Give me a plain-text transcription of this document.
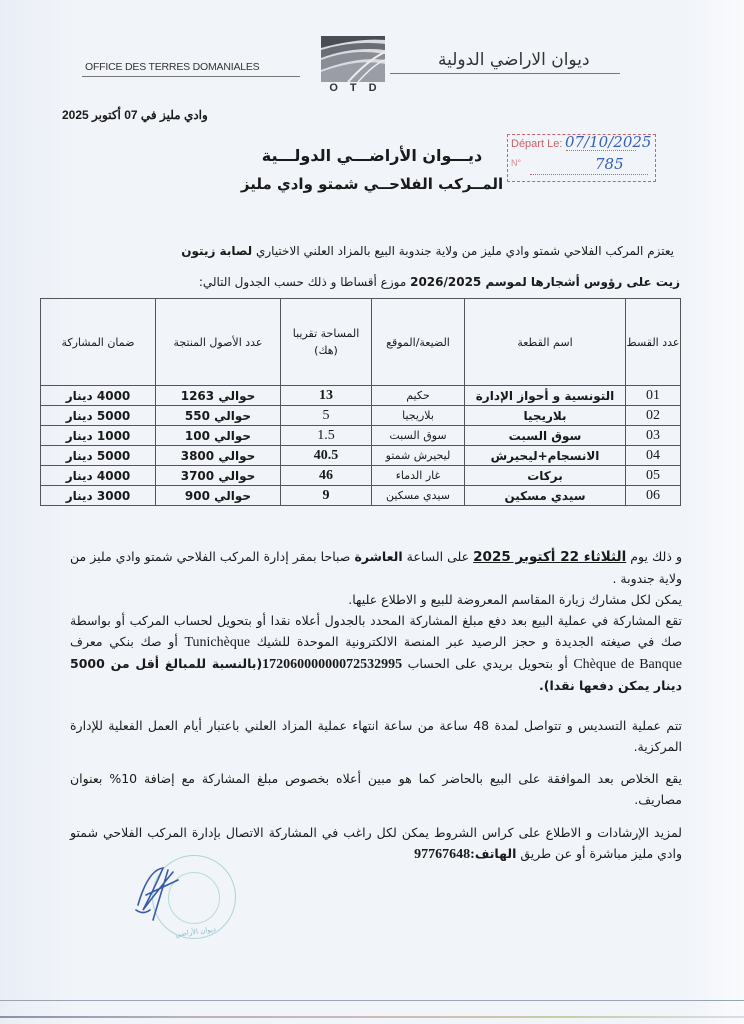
OFFICE DES TERRES DOMANIALES
OTD
ديوان الاراضي الدولية
وادي مليز في 07 أكتوبر 2025
Départ Le:
N°
07/10/2025
785
ديـــوان الأراضـــي الدولـــية
المــركب الفلاحــي شمتو وادي مليز
يعتزم المركب الفلاحي شمتو وادي مليز من ولاية جندوبة البيع بالمزاد العلني الاختياري لصابة زيتون
زيت على رؤوس أشجارها لموسم 2026/2025 موزع أقساطا و ذلك حسب الجدول التالي:
عدد القسط	اسم القطعة	الضيعة/الموقع	المساحة تقريبا (هك)	عدد الأصول المنتجة	ضمان المشاركة
01	التونسية و أحواز الإدارة	حكيم	13	حوالي 1263	4000 دينار
02	بلاريجيا	بلاريجيا	5	حوالي 550	5000 دينار
03	سوق السبت	سوق السبت	1.5	حوالي 100	1000 دينار
04	الانسجام+ليحيرش	ليحيرش شمتو	40.5	حوالي 3800	5000 دينار
05	بركات	غار الدماء	46	حوالي 3700	4000 دينار
06	سيدي مسكين	سيدي مسكين	9	حوالي 900	3000 دينار
و ذلك يوم الثلاثاء 22 أكتوبر 2025 على الساعة العاشرة صباحا بمقر إدارة المركب الفلاحي شمتو وادي مليز من ولاية جندوبة .
يمكن لكل مشارك زيارة المقاسم المعروضة للبيع و الاطلاع عليها.
تقع المشاركة في عملية البيع بعد دفع مبلغ المشاركة المحدد بالجدول أعلاه نقدا أو بتحويل لحساب المركب أو بواسطة صك في صيغته الجديدة و حجز الرصيد عبر المنصة الالكترونية الموحدة للشيك Tunichèque أو صك بنكي معرف Chèque de Banque أو بتحويل بريدي على الحساب 17206000000072532995(بالنسبة للمبالغ أقل من 5000 دينار يمكن دفعها نقدا).
تتم عملية التسديس و تتواصل لمدة 48 ساعة من ساعة انتهاء عملية المزاد العلني باعتبار أيام العمل الفعلية للإدارة المركزية.
يقع الخلاص بعد الموافقة على البيع بالحاضر كما هو مبين أعلاه بخصوص مبلغ المشاركة مع إضافة 10% بعنوان مصاريف.
لمزيد الإرشادات و الاطلاع على كراس الشروط يمكن لكل راغب في المشاركة الاتصال بإدارة المركب الفلاحي شمتو وادي مليز مباشرة أو عن طريق الهاتف:97767648
ديوان الأراضي
